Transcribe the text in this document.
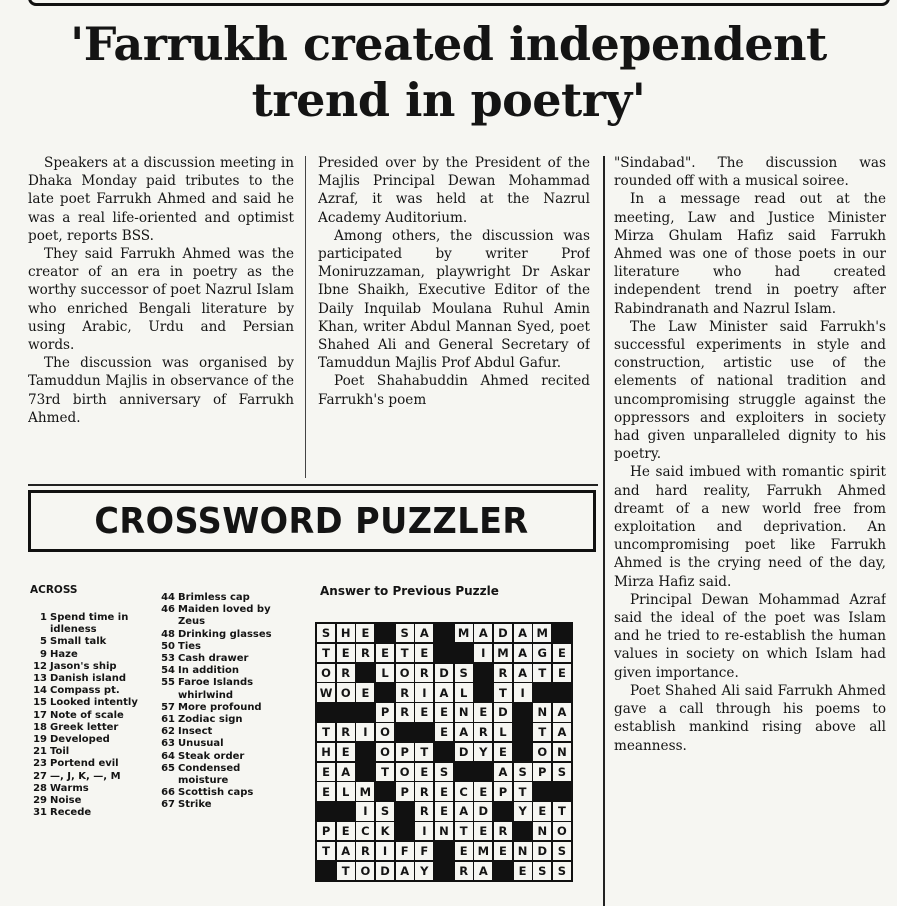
'Farrukh created independent
trend in poetry'

Speakers at a discussion meeting in Dhaka Monday paid tributes to the late poet Farrukh Ahmed and said he was a real life-oriented and optimist poet, reports BSS.

They said Farrukh Ahmed was the creator of an era in poetry as the worthy successor of poet Nazrul Islam who enriched Bengali literature by using Arabic, Urdu and Persian words.

The discussion was organised by Tamuddun Majlis in observance of the 73rd birth anniversary of Farrukh Ahmed.

Presided over by the President of the Majlis Principal Dewan Mohammad Azraf, it was held at the Nazrul Academy Auditorium.

Among others, the discussion was participated by writer Prof Moniruzzaman, playwright Dr Askar Ibne Shaikh, Executive Editor of the Daily Inquilab Moulana Ruhul Amin Khan, writer Abdul Mannan Syed, poet Shahed Ali and General Secretary of Tamuddun Majlis Prof Abdul Gafur.

Poet Shahabuddin Ahmed recited Farrukh's poem

"Sindabad". The discussion was rounded off with a musical soiree.

In a message read out at the meeting, Law and Justice Minister Mirza Ghulam Hafiz said Farrukh Ahmed was one of those poets in our literature who had created independent trend in poetry after Rabindranath and Nazrul Islam.

The Law Minister said Farrukh's successful experiments in style and construction, artistic use of the elements of national tradition and uncompromising struggle against the oppressors and exploiters in society had given unparalleled dignity to his poetry.

He said imbued with romantic spirit and hard reality, Farrukh Ahmed dreamt of a new world free from exploitation and deprivation. An uncompromising poet like Farrukh Ahmed is the crying need of the day, Mirza Hafiz said.

Principal Dewan Mohammad Azraf said the ideal of the poet was Islam and he tried to re-establish the human values in society on which Islam had given importance.

Poet Shahed Ali said Farrukh Ahmed gave a call through his poems to establish mankind rising above all meanness.

CROSSWORD PUZZLER
ACROSS
1 Spend time in idleness
5 Small talk
9 Haze
12 Jason's ship
13 Danish island
14 Compass pt.
15 Looked intently
17 Note of scale
18 Greek letter
19 Developed
21 Toil
23 Portend evil
27 —, J, K, —, M
28 Warms
29 Noise
31 Recede
44 Brimless cap
46 Maiden loved by Zeus
48 Drinking glasses
50 Ties
53 Cash drawer
54 In addition
55 Faroe Islands whirlwind
57 More profound
61 Zodiac sign
62 Insect
63 Unusual
64 Steak order
65 Condensed moisture
66 Scottish caps
67 Strike
Answer to Previous Puzzle
S H E	S A	M A D A M
T	E R E	T	E	I	M A G E
O R	L O R D S	R A T	E
W O E	R	I	A	L	T	I
P R E	E N E D	N A
T R	I	O	E A R	L	T A
H E	O P	T	D Y	E	O N
E A	T O E	S	A S P S
E	L M	P R E C	E	P	T
I	S	R E A D	Y	E	T
P	E	C K	I	N T	E R	N O
T A R	I	F	F	E M E N D S
T O D A Y	R A	E	S S
